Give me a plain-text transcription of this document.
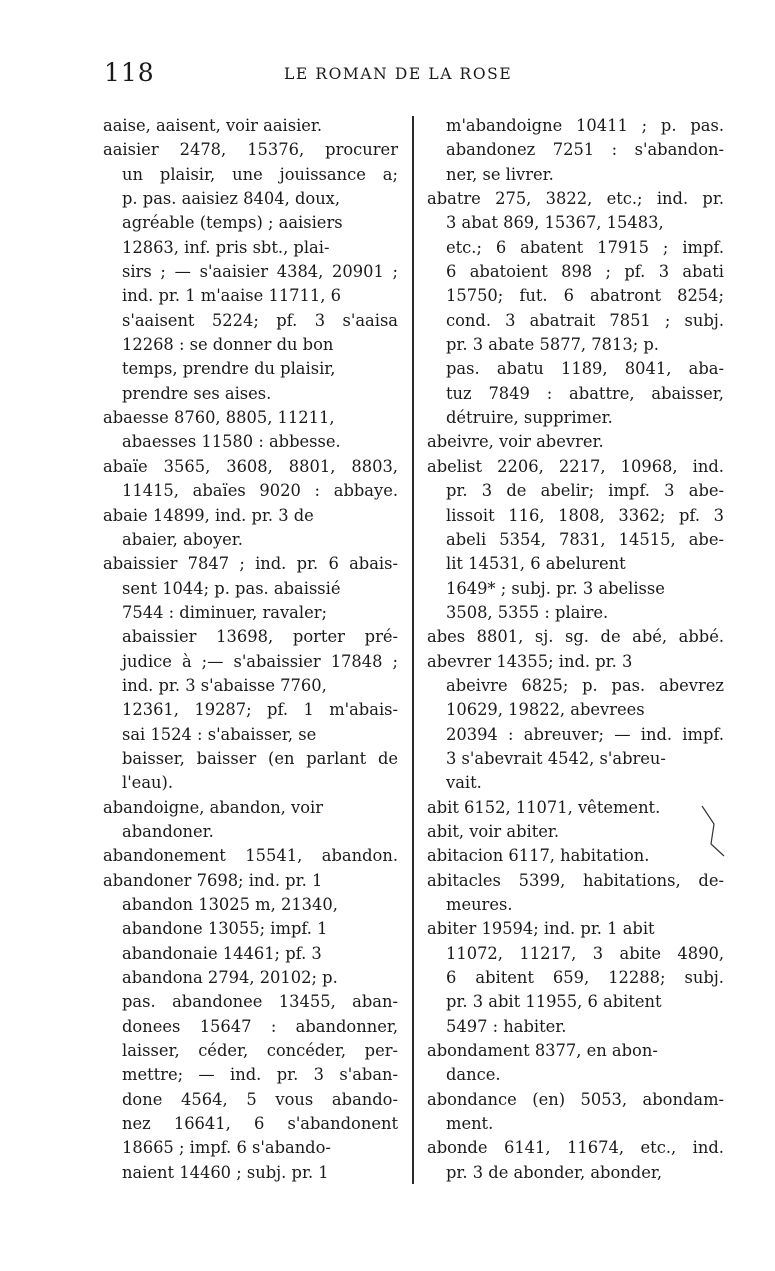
118	LE ROMAN DE LA ROSE
aaise, aaisent, voir aaisier.
aaisier 2478, 15376, procurer
un plaisir, une jouissance a;
p. pas. aaisiez 8404, doux,
agréable (temps) ; aaisiers
12863, inf. pris sbt., plai-
sirs ; — s'aaisier 4384, 20901 ;
ind. pr. 1 m'aaise 11711, 6
s'aaisent 5224; pf. 3 s'aaisa
12268 : se donner du bon
temps, prendre du plaisir,
prendre ses aises.
abaesse 8760, 8805, 11211,
abaesses 11580 : abbesse.
abaïe 3565, 3608, 8801, 8803,
11415, abaïes 9020 : abbaye.
abaie 14899, ind. pr. 3 de
abaier, aboyer.
abaissier 7847 ; ind. pr. 6 abais-
sent 1044; p. pas. abaissié
7544 : diminuer, ravaler;
abaissier 13698, porter pré-
judice à ;— s'abaissier 17848 ;
ind. pr. 3 s'abaisse 7760,
12361, 19287; pf. 1 m'abais-
sai 1524 : s'abaisser, se
baisser, baisser (en parlant de
l'eau).
abandoigne, abandon, voir
abandoner.
abandonement 15541, abandon.
abandoner 7698; ind. pr. 1
abandon 13025 m, 21340,
abandone 13055; impf. 1
abandonaie 14461; pf. 3
abandona 2794, 20102; p.
pas. abandonee 13455, aban-
donees 15647 : abandonner,
laisser, céder, concéder, per-
mettre; — ind. pr. 3 s'aban-
done 4564, 5 vous abando-
nez 16641, 6 s'abandonent
18665 ; impf. 6 s'abando-
naient 14460 ; subj. pr. 1
m'abandoigne 10411 ; p. pas.
abandonez 7251 : s'abandon-
ner, se livrer.
abatre 275, 3822, etc.; ind. pr.
3 abat 869, 15367, 15483,
etc.; 6 abatent 17915 ; impf.
6 abatoient 898 ; pf. 3 abati
15750; fut. 6 abatront 8254;
cond. 3 abatrait 7851 ; subj.
pr. 3 abate 5877, 7813; p.
pas. abatu 1189, 8041, aba-
tuz 7849 : abattre, abaisser,
détruire, supprimer.
abeivre, voir abevrer.
abelist 2206, 2217, 10968, ind.
pr. 3 de abelir; impf. 3 abe-
lissoit 116, 1808, 3362; pf. 3
abeli 5354, 7831, 14515, abe-
lit 14531, 6 abelurent
1649* ; subj. pr. 3 abelisse
3508, 5355 : plaire.
abes 8801, sj. sg. de abé, abbé.
abevrer 14355; ind. pr. 3
abeivre 6825; p. pas. abevrez
10629, 19822, abevrees
20394 : abreuver; — ind. impf.
3 s'abevrait 4542, s'abreu-
vait.
abit 6152, 11071, vêtement.
abit, voir abiter.
abitacion 6117, habitation.
abitacles 5399, habitations, de-
meures.
abiter 19594; ind. pr. 1 abit
11072, 11217, 3 abite 4890,
6 abitent 659, 12288; subj.
pr. 3 abit 11955, 6 abitent
5497 : habiter.
abondament 8377, en abon-
dance.
abondance (en) 5053, abondam-
ment.
abonde 6141, 11674, etc., ind.
pr. 3 de abonder, abonder,
